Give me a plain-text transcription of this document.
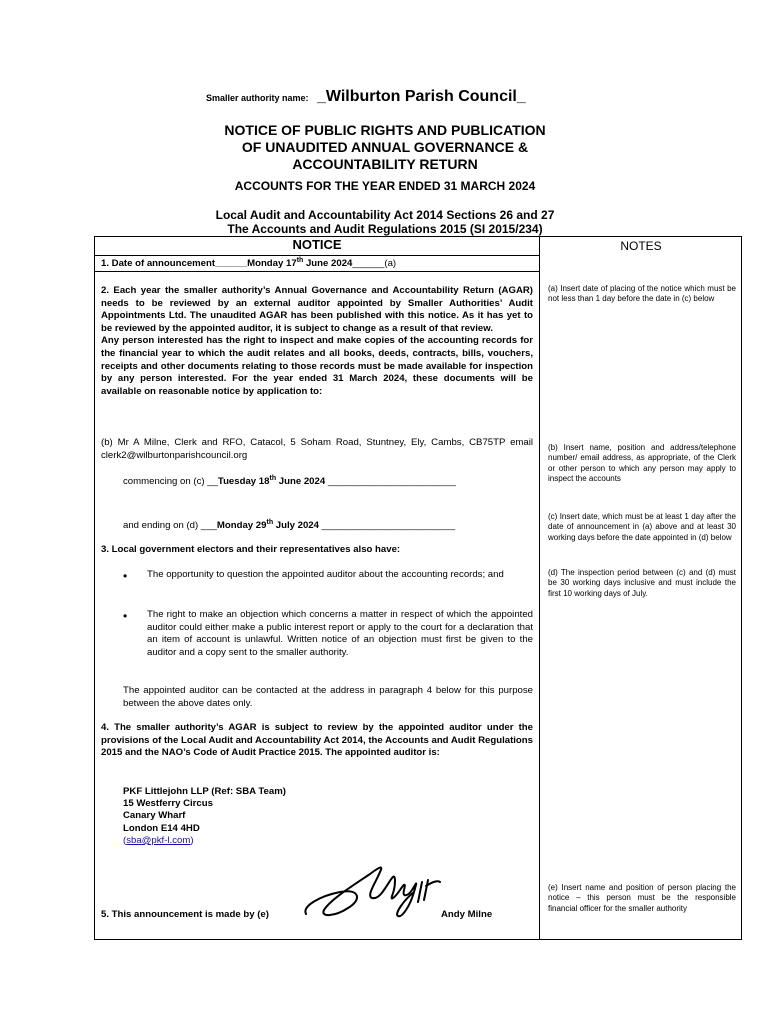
Smaller authority name: _Wilburton Parish Council_
NOTICE OF PUBLIC RIGHTS AND PUBLICATION
OF UNAUDITED ANNUAL GOVERNANCE &
ACCOUNTABILITY RETURN
ACCOUNTS FOR THE YEAR ENDED 31 MARCH 2024
Local Audit and Accountability Act 2014 Sections 26 and 27
The Accounts and Audit Regulations 2015 (SI 2015/234)
NOTICE	NOTES
1. Date of announcement______Monday 17th June 2024______(a)
2. Each year the smaller authority’s Annual Governance and Accountability Return (AGAR) needs to be reviewed by an external auditor appointed by Smaller Authorities’ Audit Appointments Ltd. The unaudited AGAR has been published with this notice. As it has yet to be reviewed by the appointed auditor, it is subject to change as a result of that review.
Any person interested has the right to inspect and make copies of the accounting records for the financial year to which the audit relates and all books, deeds, contracts, bills, vouchers, receipts and other documents relating to those records must be made available for inspection by any person interested. For the year ended 31 March 2024, these documents will be available on reasonable notice by application to:
(b) Mr A Milne, Clerk and RFO, Catacol, 5 Soham Road, Stuntney, Ely, Cambs, CB75TP email clerk2@wilburtonparishcouncil.org
commencing on (c) __Tuesday 18th June 2024 ________________________
and ending on (d) ___Monday 29th July 2024 _________________________
3. Local government electors and their representatives also have:
• The opportunity to question the appointed auditor about the accounting records; and
• The right to make an objection which concerns a matter in respect of which the appointed auditor could either make a public interest report or apply to the court for a declaration that an item of account is unlawful. Written notice of an objection must first be given to the auditor and a copy sent to the smaller authority.
The appointed auditor can be contacted at the address in paragraph 4 below for this purpose between the above dates only.
4. The smaller authority’s AGAR is subject to review by the appointed auditor under the provisions of the Local Audit and Accountability Act 2014, the Accounts and Audit Regulations 2015 and the NAO’s Code of Audit Practice 2015. The appointed auditor is:
PKF Littlejohn LLP (Ref: SBA Team)
15 Westferry Circus
Canary Wharf
London E14 4HD
(sba@pkf-l.com)
5. This announcement is made by (e)	Andy Milne
(a) Insert date of placing of the notice which must be not less than 1 day before the date in (c) below
(b) Insert name, position and address/telephone number/ email address, as appropriate, of the Clerk or other person to which any person may apply to inspect the accounts
(c) Insert date, which must be at least 1 day after the date of announcement in (a) above and at least 30 working days before the date appointed in (d) below
(d) The inspection period between (c) and (d) must be 30 working days inclusive and must include the first 10 working days of July.
(e) Insert name and position of person placing the notice – this person must be the responsible financial officer for the smaller authority
